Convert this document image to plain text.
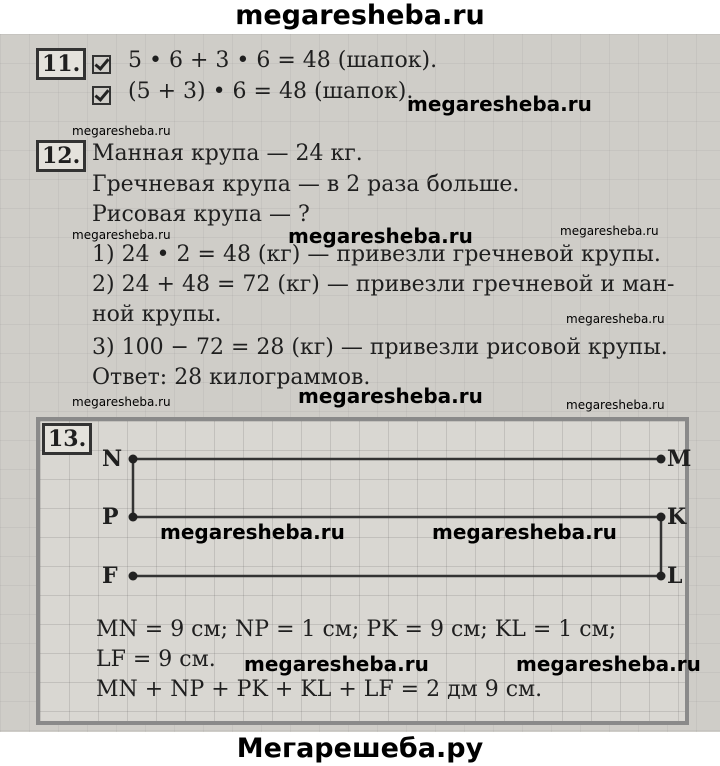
megaresheba.ru
11. 5 • 6 + 3 • 6 = 48 (шапок).
(5 + 3) • 6 = 48 (шапок).
12. Манная крупа — 24 кг.
Гречневая крупа — в 2 раза больше.
Рисовая крупа — ?
1) 24 • 2 = 48 (кг) — привезли гречневой крупы.
2) 24 + 48 = 72 (кг) — привезли гречневой и ман-
ной крупы.
3) 100 − 72 = 28 (кг) — привезли рисовой крупы.
Ответ: 28 килограммов.
13.
N	M
P	K
F	L
MN = 9 см; NP = 1 см; PK = 9 см; KL = 1 см;
LF = 9 см.
MN + NP + PK + KL + LF = 2 дм 9 см.
megaresheba.ru
megaresheba.ru
megaresheba.ru	megaresheba.ru	megaresheba.ru
megaresheba.ru
megaresheba.ru	megaresheba.ru	megaresheba.ru
megaresheba.ru	megaresheba.ru
megaresheba.ru	megaresheba.ru
Мегарешеба.ру
